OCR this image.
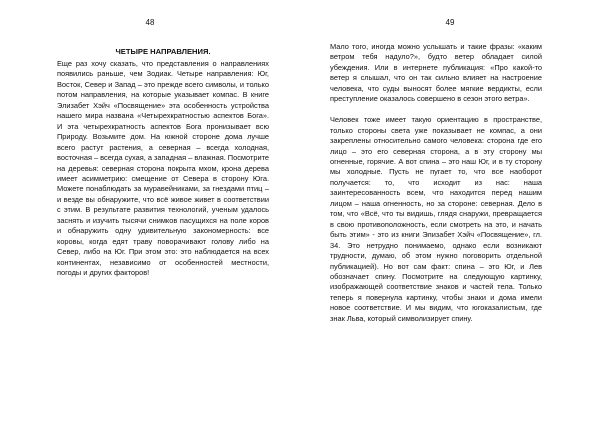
48
ЧЕТЫРЕ НАПРАВЛЕНИЯ.

Еще раз хочу сказать, что представления о направлениях появились раньше, чем Зодиак. Четыре направления: Юг, Восток, Север и Запад – это прежде всего символы, и только потом направления, на которые указывает компас. В книге Элизабет Хэйч «Посвящение» эта особенность устройства нашего мира названа «Четырехкратностью аспектов Бога». И эта четырехкратность аспектов Бога пронизывает всю Природу. Возьмите дом. На южной стороне дома лучше всего растут растения, а северная – всегда холодная, восточная – всегда сухая, а западная – влажная. Посмотрите на деревья: северная сторона покрыта мхом, крона дерева имеет асимметрию: смещение от Севера в сторону Юга. Можете понаблюдать за муравейниками, за гнездами птиц – и везде вы обнаружите, что всё живое живет в соответствии с этим. В результате развития технологий, ученым удалось заснять и изучить тысячи снимков пасущихся на поле коров и обнаружить одну удивительную закономерность: все коровы, когда едят траву поворачивают голову либо на Север, либо на Юг. При этом это: это наблюдается на всех континентах, независимо от особенностей местности, погоды и других факторов!

49

Мало того, иногда можно услышать и такие фразы: «каким ветром тебя надуло?», будто ветер обладает силой убеждения. Или в интернете публикация: «Про какой-то ветер я слышал, что он так сильно влияет на настроение человека, что суды выносят более мягкие вердикты, если преступление оказалось совершено в сезон этого ветра».

Человек тоже имеет такую ориентацию в пространстве, только стороны света уже показывает не компас, а они закреплены относительно самого человека: сторона где его лицо – это его северная сторона, а в эту сторону мы огненные, горячие. А вот спина – это наш Юг, и в ту сторону мы холодные. Пусть не пугает то, что все наоборот получается: то, что исходит из нас: наша заинтересованность всем, что находится перед нашим лицом – наша огненность, но за стороне: северная. Дело в том, что «Всё, что ты видишь, глядя снаружи, превращается в свою противоположность, если смотреть на это, и начать быть этим» - это из книги Элизабет Хэйч «Посвящение», гл. 34. Это нетрудно понимаемо, однако если возникают трудности, думаю, об этом нужно поговорить отдельной публикацией). Но вот сам факт: спина – это Юг, и Лев обозначает спину. Посмотрите на следующую картинку, изображающей соответствие знаков и частей тела. Только теперь я повернула картинку, чтобы знаки и дома имели новое соответствие. И мы видим, что югоказалистым, где знак Льва, который символизирует спину.
